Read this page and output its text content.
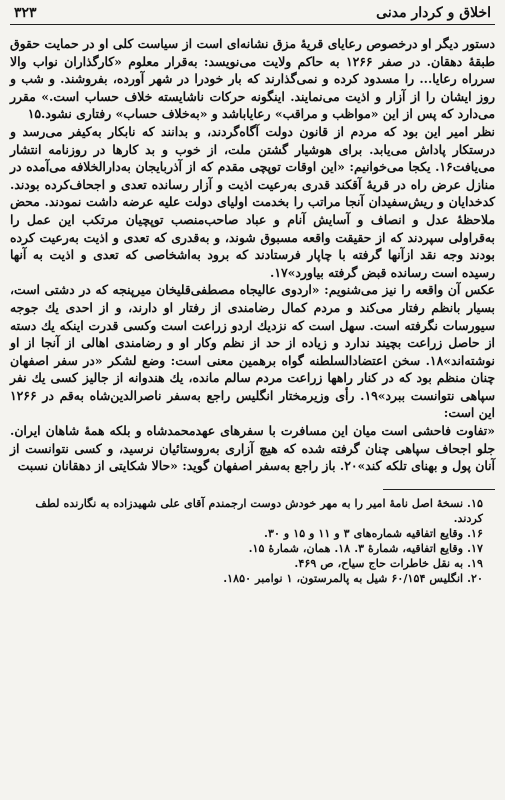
اخلاق و کردار مدنی
۳۲۳

دستور دیگر او درخصوص رعایای قریهٔ مزق نشانه‌ای است از سیاست کلی او در حمایت حقوق طبقهٔ دهقان. در صفر ۱۲۶۶ به حاکم ولایت می‌نویسد: به‌قرار معلوم «کارگذاران نواب والا سرراه رعایا... را مسدود کرده و نمی‌گذارند که بار خودرا در شهر آورده، بفروشند. و شب و روز ایشان را از آزار و اذیت می‌نمایند. اینگونه حرکات ناشایسته خلاف حساب است.» مقرر می‌دارد که پس از این «مواظب و مراقب» رعایاباشد و «به‌خلاف حساب» رفتاری نشود.۱۵

نظر امیر این بود که مردم از قانون دولت آگاه‌گردند، و بدانند که نابکار به‌کیفر می‌رسد و درستکار پاداش می‌یابد. برای هوشیار گشتن ملت، از خوب و بد کارها در روزنامه انتشار می‌یافت۱۶. یکجا می‌خوانیم: «این اوقات توپچی مقدم که از آذربایجان به‌دارالخلافه می‌آمده در منازل عرض راه در قریهٔ آقکند قدری به‌رعیت اذیت و آزار رسانده تعدی و اجحاف‌کرده بودند. کدخدایان و ریش‌سفیدان آنجا مراتب را بخدمت اولیای دولت علیه عرضه داشت نمودند. محض ملاحظهٔ عدل و انصاف و آسایش آنام و عباد صاحب‌منصب توپچیان مرتکب این عمل را به‌قراولی سپردند که از حقیقت واقعه مسبوق شوند، و به‌قدری که تعدی و اذیت به‌رعیت کرده بودند وجه نقد ازآنها گرفته با چاپار فرستادند که برود به‌اشخاصی که تعدی و اذیت به آنها رسیده است رسانده قبض گرفته بیاورد»۱۷.

عکس آن واقعه را نیز می‌شنویم: «اردوی عالیجاه مصطفی‌قلیخان میرپنجه که در دشتی است، بسیار بانظم رفتار می‌کند و مردم کمال رضامندی از رفتار او دارند، و از احدی یك جوجه سیورسات نگرفته است. سهل است که نزدیك اردو زراعت است وکسی قدرت اینکه یك دسته از حاصل زراعت بچیند ندارد و زیاده از حد از نظم وکار او و رضامندی اهالی از آنجا از او نوشته‌اند»۱۸. سخن اعتضادالسلطنه گواه برهمین معنی است: وضع لشکر «در سفر اصفهان چنان منظم بود که در کنار راهها زراعت مردم سالم مانده، یك هندوانه از جالیز کسی یك نفر سپاهی نتوانست ببرد»۱۹. رأی وزیرمختار انگلیس راجع به‌سفر ناصرالدین‌شاه به‌قم در ۱۲۶۶ این است:

«تفاوت فاحشی است میان این مسافرت با سفرهای عهدمحمدشاه و بلکه همهٔ شاهان ایران. جلو اجحاف سپاهی چنان گرفته شده که هیچ آزاری به‌روستائیان نرسید، و کسی نتوانست از آنان پول و بهنای تلکه کند»۲۰. باز راجع به‌سفر اصفهان گوید: «حالا شکایتی از دهقانان نسبت

۱۵. نسخهٔ اصل نامهٔ امیر را به مهر خودش دوست ارجمندم آقای علی شهیدزاده به نگارنده لطف کردند.

۱۶. وقایع اتفاقیه شماره‌های ۳ و ۱۱ و ۱۵ و ۳۰.

۱۷. وقایع اتفاقیه، شمارهٔ ۳. ۱۸. همان، شمارهٔ ۱۵.

۱۹. به نقل خاطرات حاج سیاح، ص ۴۶۹.

۲۰. انگلیس ۶۰/۱۵۴ شیل به پالمرستون، ۱ نوامبر ۱۸۵۰.
